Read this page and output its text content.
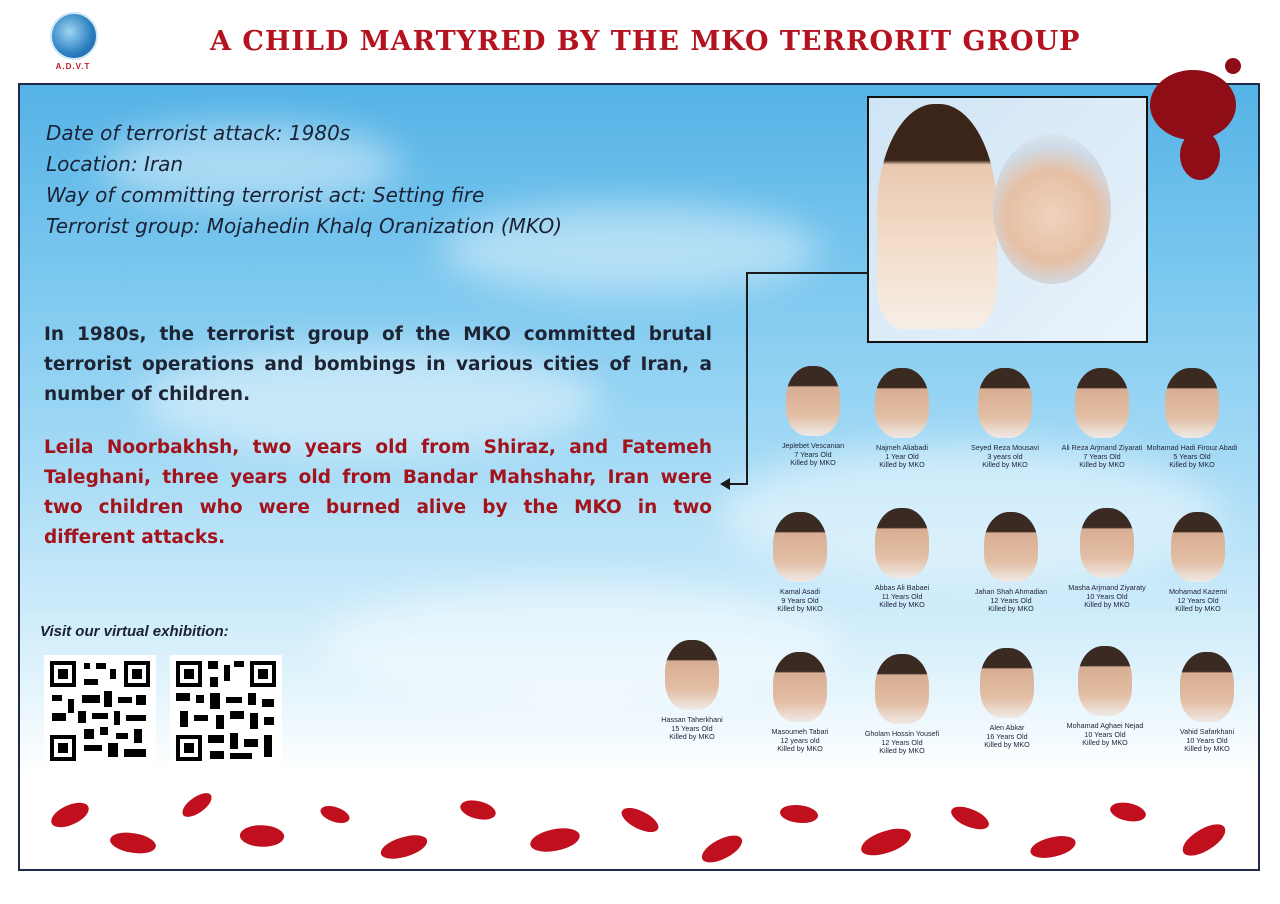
A.D.V.T
A CHILD MARTYRED BY THE MKO TERRORIT GROUP
Date of terrorist attack: 1980s
Location: Iran
Way of committing terrorist act: Setting fire
Terrorist group: Mojahedin Khalq Oranization (MKO)
In 1980s, the terrorist group of the MKO committed brutal terrorist operations and bombings in various cities of Iran, a number of children.
Leila Noorbakhsh, two years old from Shiraz, and Fatemeh Taleghani, three years old from Bandar Mahshahr, Iran were two children who were burned alive by the MKO in two different attacks.
Visit our virtual exhibition:
Jeplebet Vescanian
7 Years Old
Killed by MKO
Najmeh Aliabadi
1 Year Old
Killed by MKO
Seyed Reza Mousavi
3 years old
Killed by MKO
Ali Reza Arjmand Ziyarati
7 Years Old
Killed by MKO
Mohamad Hadi Firouz Abadi
5 Years Old
Killed by MKO
Kamal Asadi
9 Years Old
Killed by MKO
Abbas Ali Babaei
11 Years Old
Killed by MKO
Jahan Shah Ahmadian
12 Years Old
Killed by MKO
Masha Arjmand Ziyaraty
10 Years Old
Killed by MKO
Mohamad Kazemi
12 Years Old
Killed by MKO
Hassan Taherkhani
15 Years Old
Killed by MKO
Masoumeh Tabari
12 years old
Killed by MKO
Gholam Hossin Yousefi
12 Years Old
Killed by MKO
Alen Abkar
16 Years Old
Killed by MKO
Mohamad Aghaei Nejad
10 Years Old
Killed by MKO
Vahid Safarkhani
10 Years Old
Killed by MKO
